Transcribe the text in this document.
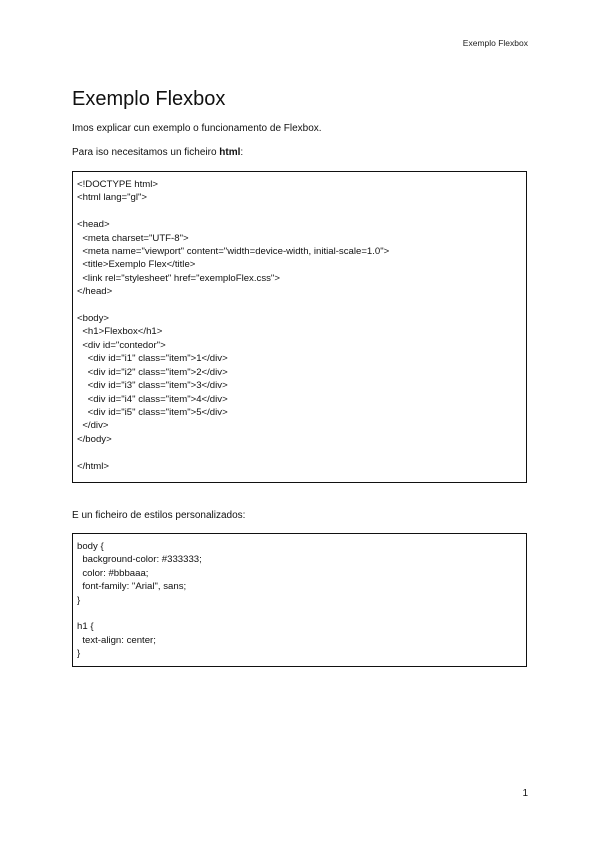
Exemplo Flexbox
Exemplo Flexbox

Imos explicar cun exemplo o funcionamento de Flexbox.

Para iso necesitamos un ficheiro html:

<!DOCTYPE html>
<html lang="gl">

<head>
<meta charset="UTF-8">
<meta name="viewport" content="width=device-width, initial-scale=1.0">
<title>Exemplo Flex</title>
<link rel="stylesheet" href="exemploFlex.css">
</head>

<body>
<h1>Flexbox</h1>
<div id="contedor">
<div id="i1" class="item">1</div>
<div id="i2" class="item">2</div>
<div id="i3" class="item">3</div>
<div id="i4" class="item">4</div>
<div id="i5" class="item">5</div>
</div>
</body>

</html>

E un ficheiro de estilos personalizados:

body {
background-color: #333333;
color: #bbbaaa;
font-family: "Arial", sans;
}

h1 {
text-align: center;
}
1
